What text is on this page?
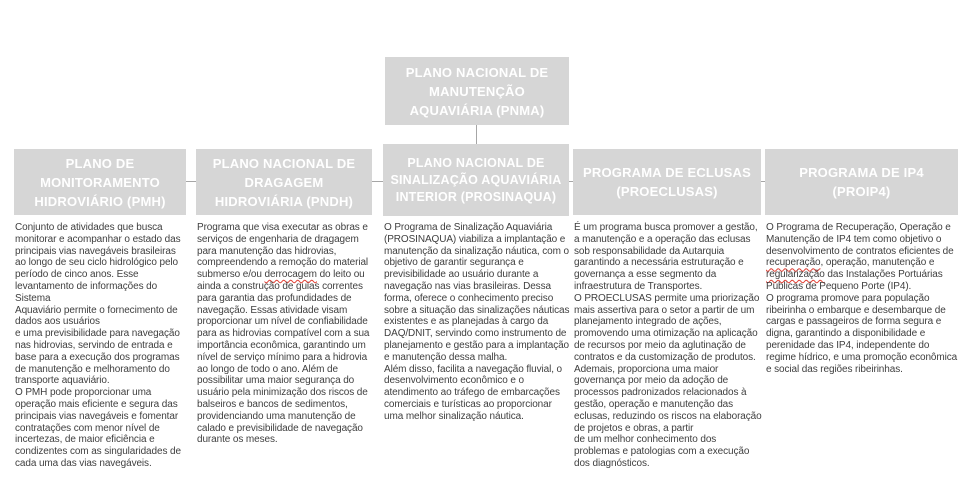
PLANO NACIONAL DE MANUTENÇÃO AQUAVIÁRIA (PNMA)
PLANO DE MONITORAMENTO HIDROVIÁRIO (PMH)

Conjunto de atividades que busca monitorar e acompanhar o estado das principais vias navegáveis brasileiras ao longo de seu ciclo hidrológico pelo período de cinco anos. Esse levantamento de informações do Sistema
Aquaviário permite o fornecimento de dados aos usuários
e uma previsibilidade para navegação nas hidrovias, servindo de entrada e base para a execução dos programas de manutenção e melhoramento do transporte aquaviário.
O PMH pode proporcionar uma operação mais eficiente e segura das principais vias navegáveis e fomentar contratações com menor nível de incertezas, de maior eficiência e condizentes com as singularidades de cada uma das vias navegáveis.

PLANO NACIONAL DE DRAGAGEM HIDROVIÁRIA (PNDH)

Programa que visa executar as obras e serviços de engenharia de dragagem para manutenção das hidrovias, compreendendo a remoção do material submerso e/ou derrocagem do leito ou ainda a construção de guias correntes para garantia das profundidades de navegação. Essas atividade visam proporcionar um nível de confiabilidade para as hidrovias compatível com a sua importância econômica, garantindo um nível de serviço mínimo para a hidrovia ao longo de todo o ano. Além de possibilitar uma maior segurança do usuário pela minimização dos riscos de balseiros e bancos de sedimentos, providenciando uma manutenção de calado e previsibilidade de navegação durante os meses.

PLANO NACIONAL DE SINALIZAÇÃO AQUAVIÁRIA INTERIOR (PROSINAQUA)

O Programa de Sinalização Aquaviária (PROSINAQUA) viabiliza a implantação e manutenção da sinalização náutica, com o objetivo de garantir segurança e previsibilidade ao usuário durante a navegação nas vias brasileiras. Dessa forma, oferece o conhecimento preciso sobre a situação das sinalizações náuticas existentes e as planejadas à cargo da DAQ/DNIT, servindo como instrumento de planejamento e gestão para a implantação e manutenção dessa malha.
Além disso, facilita a navegação fluvial, o desenvolvimento econômico e o atendimento ao tráfego de embarcações comerciais e turísticas ao proporcionar uma melhor sinalização náutica.

PROGRAMA DE ECLUSAS (PROECLUSAS)

É um programa busca promover a gestão, a manutenção e a operação das eclusas sob responsabilidade da Autarquia garantindo a necessária estruturação e governança a esse segmento da infraestrutura de Transportes.
O PROECLUSAS permite uma priorização mais assertiva para o setor a partir de um planejamento integrado de ações, promovendo uma otimização na aplicação de recursos por meio da aglutinação de contratos e da customização de produtos. Ademais, proporciona uma maior governança por meio da adoção de processos padronizados relacionados à gestão, operação e manutenção das eclusas, reduzindo os riscos na elaboração de projetos e obras, a partir
de um melhor conhecimento dos problemas e patologias com a execução dos diagnósticos.

PROGRAMA DE IP4 (PROIP4)

O Programa de Recuperação, Operação e Manutenção de IP4 tem como objetivo o desenvolvimento de contratos eficientes de recuperação, operação, manutenção e regularização das Instalações Portuárias Públicas de Pequeno Porte (IP4).
O programa promove para população ribeirinha o embarque e desembarque de cargas e passageiros de forma segura e digna, garantindo a disponibilidade e perenidade das IP4, independente do regime hídrico, e uma promoção econômica e social das regiões ribeirinhas.
